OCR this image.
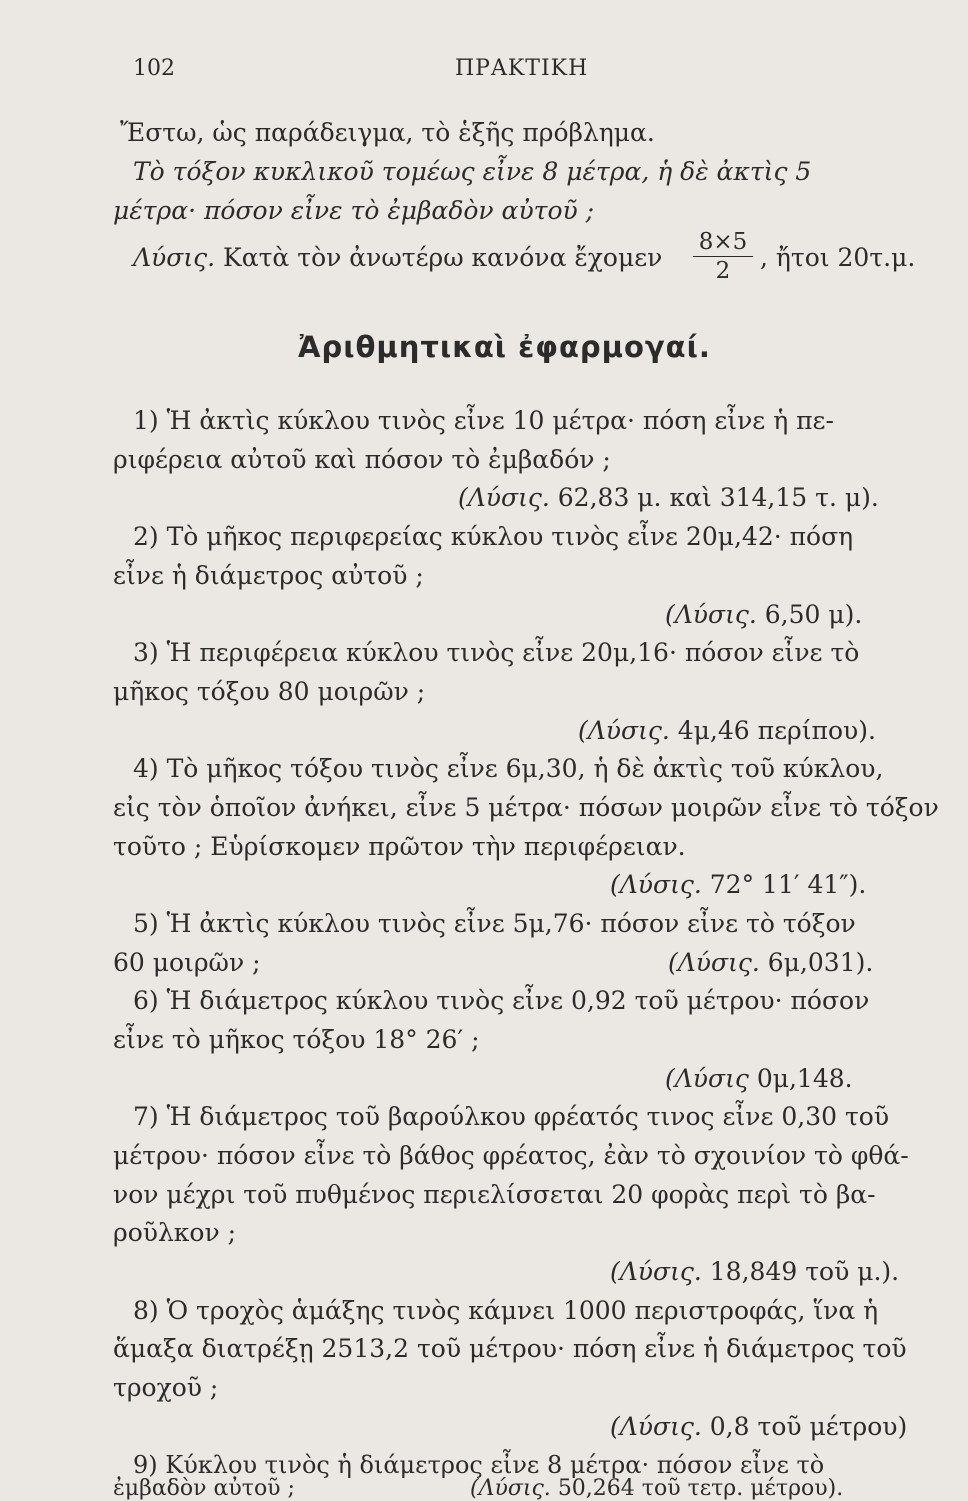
102	ΠΡΑΚΤΙΚΗ
Ἔστω, ὡς παράδειγμα, τὸ ἑξῆς πρόβλημα.
Τὸ τόξον κυκλικοῦ τομέως εἶνε 8 μέτρα, ἡ δὲ ἀκτὶς 5
μέτρα· πόσον εἶνε τὸ ἐμβαδὸν αὐτοῦ ;
Λύσις. Κατὰ τὸν ἀνωτέρω κανόνα ἔχομεν $\frac{8\times 5}{2}$ , ἤτοι 20τ.μ.
Ἀριθμητικαὶ ἐφαρμογαί.
1) Ἡ ἀκτὶς κύκλου τινὸς εἶνε 10 μέτρα· πόση εἶνε ἡ πε-
ριφέρεια αὐτοῦ καὶ πόσον τὸ ἐμβαδόν ;
(Λύσις. 62,83 μ. καὶ 314,15 τ. μ).
2) Τὸ μῆκος περιφερείας κύκλου τινὸς εἶνε 20μ,42· πόση
εἶνε ἡ διάμετρος αὐτοῦ ;
(Λύσις. 6,50 μ).
3) Ἡ περιφέρεια κύκλου τινὸς εἶνε 20μ,16· πόσον εἶνε τὸ
μῆκος τόξου 80 μοιρῶν ;
(Λύσις. 4μ,46 περίπου).
4) Τὸ μῆκος τόξου τινὸς εἶνε 6μ,30, ἡ δὲ ἀκτὶς τοῦ κύκλου,
εἰς τὸν ὁποῖον ἀνήκει, εἶνε 5 μέτρα· πόσων μοιρῶν εἶνε τὸ τόξον
τοῦτο ; Εὑρίσκομεν πρῶτον τὴν περιφέρειαν.
(Λύσις. 72° 11′ 41″).
5) Ἡ ἀκτὶς κύκλου τινὸς εἶνε 5μ,76· πόσον εἶνε τὸ τόξον
60 μοιρῶν ;	(Λύσις. 6μ,031).
6) Ἡ διάμετρος κύκλου τινὸς εἶνε 0,92 τοῦ μέτρου· πόσον
εἶνε τὸ μῆκος τόξου 18° 26′ ;
(Λύσις 0μ,148.
7) Ἡ διάμετρος τοῦ βαρούλκου φρέατός τινος εἶνε 0,30 τοῦ
μέτρου· πόσον εἶνε τὸ βάθος φρέατος, ἐὰν τὸ σχοινίον τὸ φθά-
νον μέχρι τοῦ πυθμένος περιελίσσεται 20 φορὰς περὶ τὸ βα-
ροῦλκον ;
(Λύσις. 18,849 τοῦ μ.).
8) Ὁ τροχὸς ἁμάξης τινὸς κάμνει 1000 περιστροφάς, ἵνα ἡ
ἅμαξα διατρέξῃ 2513,2 τοῦ μέτρου· πόση εἶνε ἡ διάμετρος τοῦ
τροχοῦ ;
(Λύσις. 0,8 τοῦ μέτρου)
9) Κύκλου τινὸς ἡ διάμετρος εἶνε 8 μέτρα· πόσον εἶνε τὸ
ἐμβαδὸν αὐτοῦ ;	(Λύσις. 50,264 τοῦ τετρ. μέτρου).
